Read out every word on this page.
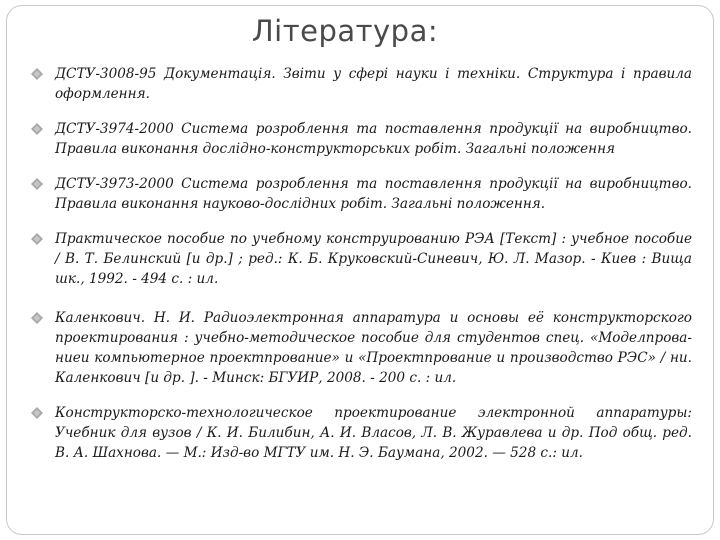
Література:
ДСТУ-3008-95 Документація. Звіти у сфері науки і техніки. Структура і правила оформлення.
ДСТУ-3974-2000 Система розроблення та поставлення продукції на виробництво. Правила виконання дослідно-конструкторських робіт. Загальні положення
ДСТУ-3973-2000 Система розроблення та поставлення продукції на виробництво. Правила виконання науково-дослідних робіт. Загальні положення.
Практическое пособие по учебному конструированию РЭА [Текст] : учебное пособие / В. Т. Белинский [и др.] ; ред.: К. Б. Круковский-Синевич, Ю. Л. Мазор. - Киев : Вища шк., 1992. - 494 с. : ил.
Каленкович. Н. И. Радиоэлектронная аппаратура и основы её конструкторского проектирования : учебно-методическое пособие для студентов спец. «Моделпрова-ниеи компьютерное проектпрование» и «Проектпрование и производство РЭС» / ни. Каленкович [и др. ]. - Минск: БГУИР, 2008. - 200 с. : ил.
Конструкторско-технологическое проектирование электронной аппаратуры: Учебник для вузов / К. И. Билибин, А. И. Власов, Л. В. Журавлева и др. Под общ. ред. В. А. Шахнова. — М.: Изд-во МГТУ им. Н. Э. Баумана, 2002. — 528 с.: ил.
